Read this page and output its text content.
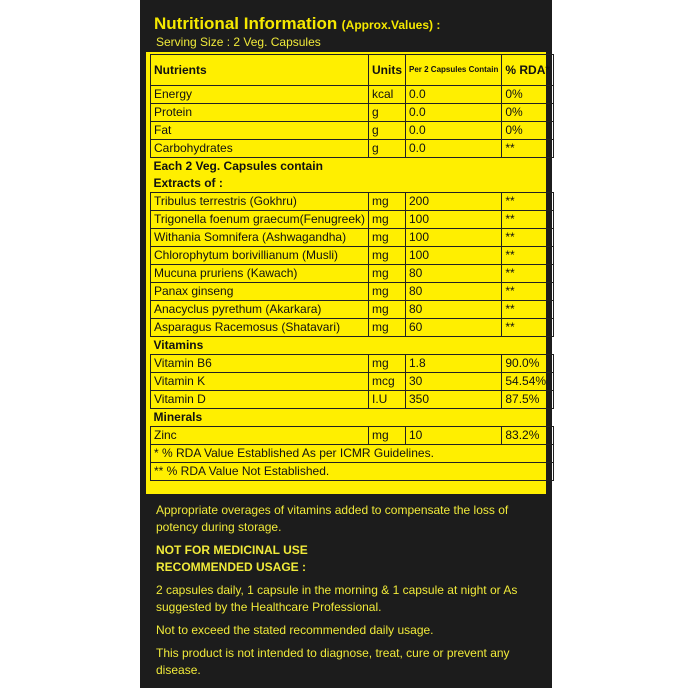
Nutritional Information (Approx.Values) :
Serving Size : 2 Veg. Capsules
Nutrients	Units	Per 2 Capsules Contain	% RDA*
Energy	kcal	0.0	0%
Protein	g	0.0	0%
Fat	g	0.0	0%
Carbohydrates	g	0.0	**
Each 2 Veg. Capsules contain			
Extracts of :			
Tribulus terrestris (Gokhru)	mg	200	**
Trigonella foenum graecum(Fenugreek)	mg	100	**
Withania Somnifera (Ashwagandha)	mg	100	**
Chlorophytum borivillianum (Musli)	mg	100	**
Mucuna pruriens (Kawach)	mg	80	**
Panax ginseng	mg	80	**
Anacyclus pyrethum (Akarkara)	mg	80	**
Asparagus Racemosus (Shatavari)	mg	60	**
Vitamins			
Vitamin B6	mg	1.8	90.0%
Vitamin K	mcg	30	54.54%
Vitamin D	I.U	350	87.5%
Minerals			
Zinc	mg	10	83.2%
* % RDA Value Established As per ICMR Guidelines.			
** % RDA Value Not Established.			

Appropriate overages of vitamins added to compensate the loss of potency during storage.

NOT FOR MEDICINAL USE

RECOMMENDED USAGE :

2 capsules daily, 1 capsule in the morning & 1 capsule at night or As suggested by the Healthcare Professional.

Not to exceed the stated recommended daily usage.

This product is not intended to diagnose, treat, cure or prevent any disease.
